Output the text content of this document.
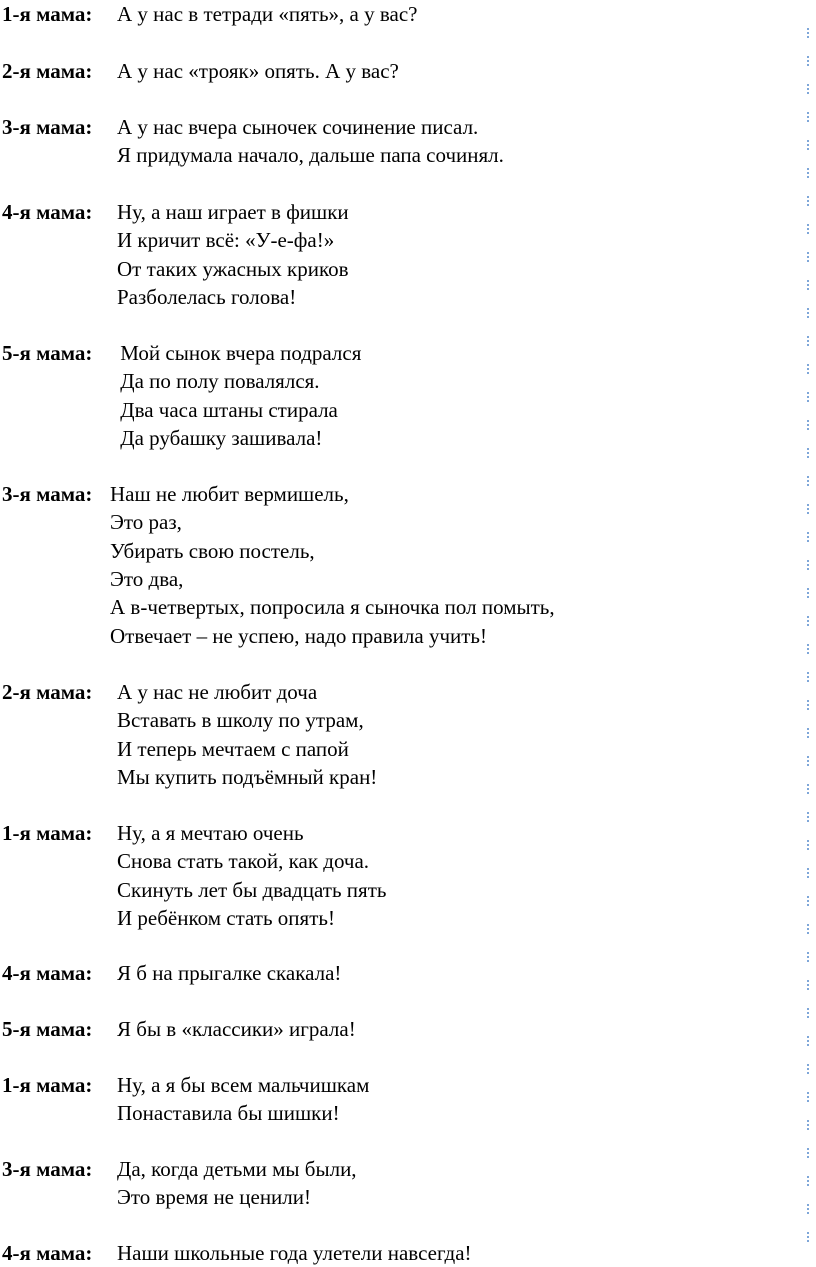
1-я мама: А у нас в тетради «пять», а у вас?
2-я мама: А у нас «трояк» опять. А у вас?
3-я мама: А у нас вчера сыночек сочинение писал.
Я придумала начало, дальше папа сочинял.
4-я мама: Ну, а наш играет в фишки
И кричит всё: «У-е-фа!»
От таких ужасных криков
Разболелась голова!
5-я мама: Мой сынок вчера подрался
Да по полу повалялся.
Два часа штаны стирала
Да рубашку зашивала!
3-я мама: Наш не любит вермишель,
Это раз,
Убирать свою постель,
Это два,
А в-четвертых, попросила я сыночка пол помыть,
Отвечает – не успею, надо правила учить!
2-я мама: А у нас не любит доча
Вставать в школу по утрам,
И теперь мечтаем с папой
Мы купить подъёмный кран!
1-я мама: Ну, а я мечтаю очень
Снова стать такой, как доча.
Скинуть лет бы двадцать пять
И ребёнком стать опять!
4-я мама: Я б на прыгалке скакала!
5-я мама: Я бы в «классики» играла!
1-я мама: Ну, а я бы всем мальчишкам
Понаставила бы шишки!
3-я мама: Да, когда детьми мы были,
Это время не ценили!
4-я мама: Наши школьные года улетели навсегда!
